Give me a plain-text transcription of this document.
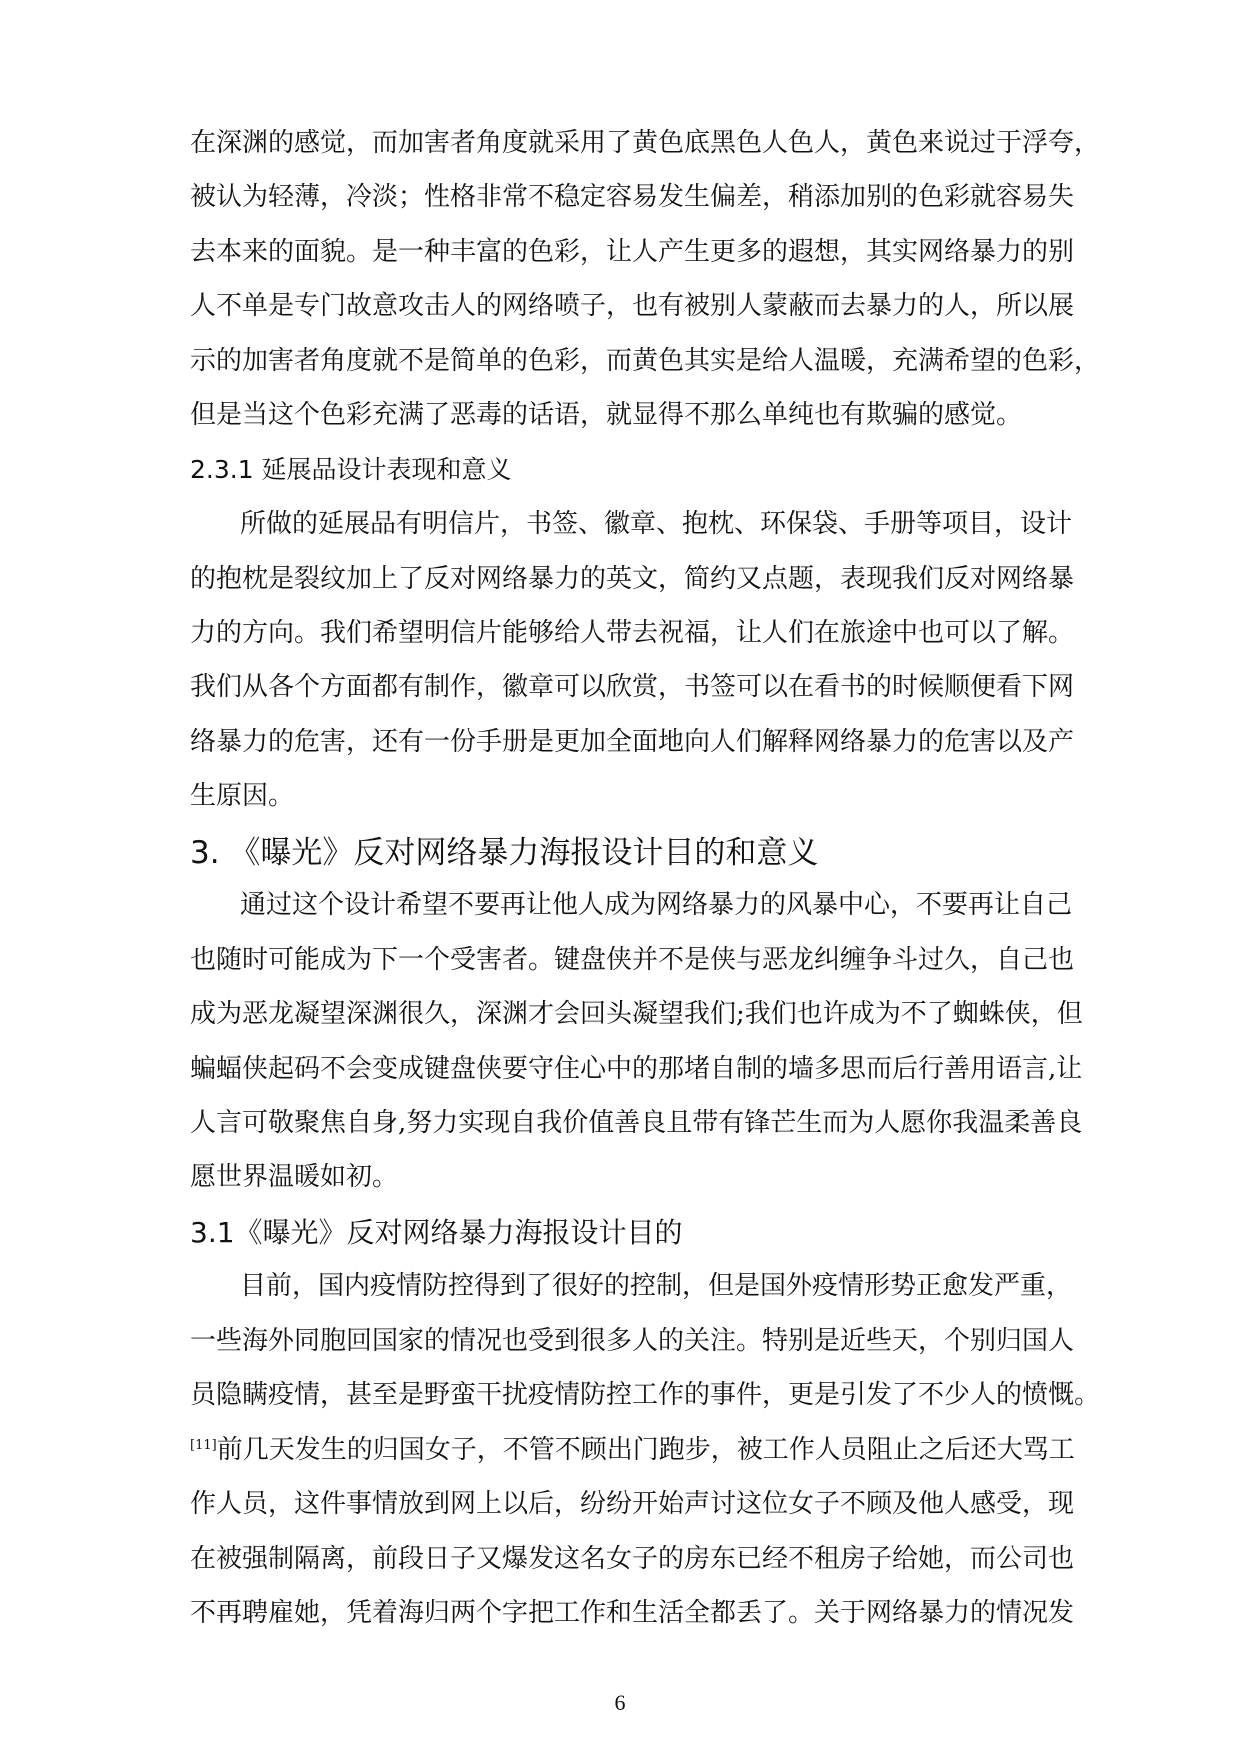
在深渊的感觉，而加害者角度就采用了黄色底黑色人色人，黄色来说过于浮夸，
被认为轻薄，冷淡；性格非常不稳定容易发生偏差，稍添加别的色彩就容易失
去本来的面貌。是一种丰富的色彩，让人产生更多的遐想，其实网络暴力的别
人不单是专门故意攻击人的网络喷子，也有被别人蒙蔽而去暴力的人，所以展
示的加害者角度就不是简单的色彩，而黄色其实是给人温暖，充满希望的色彩，
但是当这个色彩充满了恶毒的话语，就显得不那么单纯也有欺骗的感觉。
2.3.1 延展品设计表现和意义
所做的延展品有明信片，书签、徽章、抱枕、环保袋、手册等项目，设计
的抱枕是裂纹加上了反对网络暴力的英文，简约又点题，表现我们反对网络暴
力的方向。我们希望明信片能够给人带去祝福，让人们在旅途中也可以了解。
我们从各个方面都有制作，徽章可以欣赏，书签可以在看书的时候顺便看下网
络暴力的危害，还有一份手册是更加全面地向人们解释网络暴力的危害以及产
生原因。
3. 《曝光》反对网络暴力海报设计目的和意义
通过这个设计希望不要再让他人成为网络暴力的风暴中心，不要再让自己
也随时可能成为下一个受害者。键盘侠并不是侠与恶龙纠缠争斗过久，自己也
成为恶龙凝望深渊很久，深渊才会回头凝望我们;我们也许成为不了蜘蛛侠，但
蝙蝠侠起码不会变成键盘侠要守住心中的那堵自制的墙多思而后行善用语言,让
人言可敬聚焦自身,努力实现自我价值善良且带有锋芒生而为人愿你我温柔善良
愿世界温暖如初。
3.1《曝光》反对网络暴力海报设计目的
目前，国内疫情防控得到了很好的控制，但是国外疫情形势正愈发严重，
一些海外同胞回国家的情况也受到很多人的关注。特别是近些天，个别归国人
员隐瞒疫情，甚至是野蛮干扰疫情防控工作的事件，更是引发了不少人的愤慨。
[11]前几天发生的归国女子，不管不顾出门跑步，被工作人员阻止之后还大骂工
作人员，这件事情放到网上以后，纷纷开始声讨这位女子不顾及他人感受，现
在被强制隔离，前段日子又爆发这名女子的房东已经不租房子给她，而公司也
6
不再聘雇她，凭着海归两个字把工作和生活全都丢了。关于网络暴力的情况发
